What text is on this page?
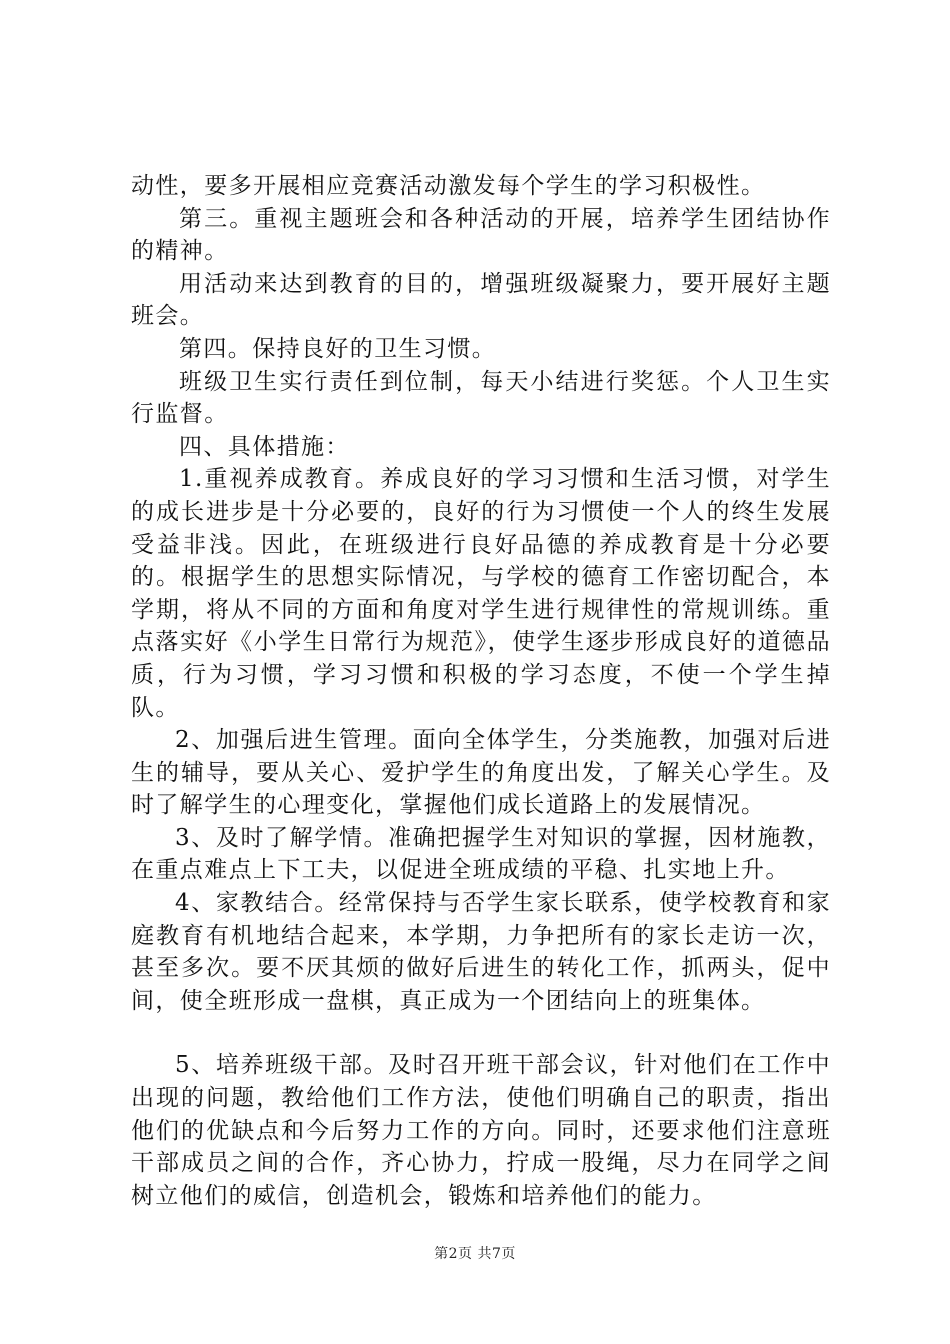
动性，要多开展相应竞赛活动激发每个学生的学习积极性。

第三。重视主题班会和各种活动的开展，培养学生团结协作的精神。

用活动来达到教育的目的，增强班级凝聚力，要开展好主题班会。

第四。保持良好的卫生习惯。

班级卫生实行责任到位制，每天小结进行奖惩。个人卫生实行监督。

四、具体措施：

1.重视养成教育。养成良好的学习习惯和生活习惯，对学生的成长进步是十分必要的，良好的行为习惯使一个人的终生发展受益非浅。因此，在班级进行良好品德的养成教育是十分必要的。根据学生的思想实际情况，与学校的德育工作密切配合，本学期，将从不同的方面和角度对学生进行规律性的常规训练。重点落实好《小学生日常行为规范》，使学生逐步形成良好的道德品质，行为习惯，学习习惯和积极的学习态度，不使一个学生掉队。

2、加强后进生管理。面向全体学生，分类施教，加强对后进生的辅导，要从关心、爱护学生的角度出发，了解关心学生。及时了解学生的心理变化，掌握他们成长道路上的发展情况。

3、及时了解学情。准确把握学生对知识的掌握，因材施教，在重点难点上下工夫，以促进全班成绩的平稳、扎实地上升。

4、家教结合。经常保持与否学生家长联系，使学校教育和家庭教育有机地结合起来，本学期，力争把所有的家长走访一次，甚至多次。要不厌其烦的做好后进生的转化工作，抓两头，促中间，使全班形成一盘棋，真正成为一个团结向上的班集体。

5、培养班级干部。及时召开班干部会议，针对他们在工作中出现的问题，教给他们工作方法，使他们明确自己的职责，指出他们的优缺点和今后努力工作的方向。同时，还要求他们注意班干部成员之间的合作，齐心协力，拧成一股绳，尽力在同学之间树立他们的威信，创造机会，锻炼和培养他们的能力。

第2页 共7页
